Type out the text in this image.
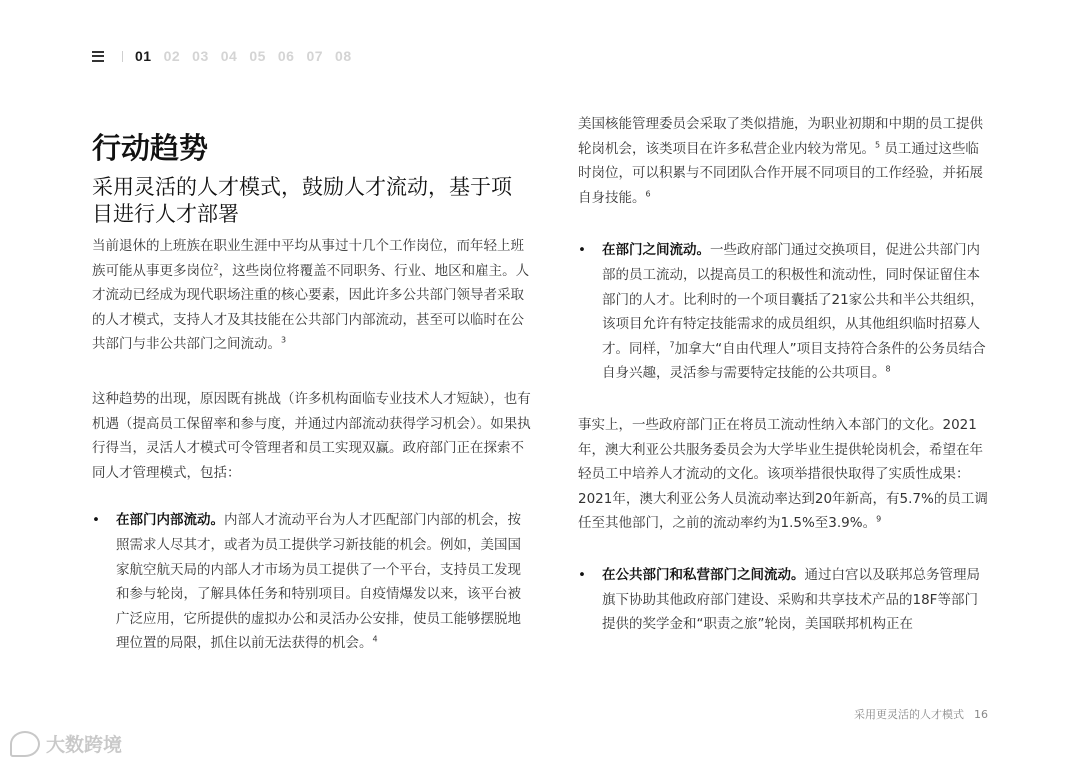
01 02 03 04 05 06 07 08
行动趋势
采用灵活的人才模式，鼓励人才流动，基于项目进行人才部署

当前退休的上班族在职业生涯中平均从事过十几个工作岗位，而年轻上班族可能从事更多岗位$^2$，这些岗位将覆盖不同职务、行业、地区和雇主。人才流动已经成为现代职场注重的核心要素，因此许多公共部门领导者采取的人才模式，支持人才及其技能在公共部门内部流动，甚至可以临时在公共部门与非公共部门之间流动。$^3$

这种趋势的出现，原因既有挑战（许多机构面临专业技术人才短缺），也有机遇（提高员工保留率和参与度，并通过内部流动获得学习机会）。如果执行得当，灵活人才模式可令管理者和员工实现双赢。政府部门正在探索不同人才管理模式，包括：

• 在部门内部流动。内部人才流动平台为人才匹配部门内部的机会，按照需求人尽其才，或者为员工提供学习新技能的机会。例如，美国国家航空航天局的内部人才市场为员工提供了一个平台，支持员工发现和参与轮岗，了解具体任务和特别项目。自疫情爆发以来，该平台被广泛应用，它所提供的虚拟办公和灵活办公安排，使员工能够摆脱地理位置的局限，抓住以前无法获得的机会。$^4$

美国核能管理委员会采取了类似措施，为职业初期和中期的员工提供轮岗机会，该类项目在许多私营企业内较为常见。$^5$ 员工通过这些临时岗位，可以积累与不同团队合作开展不同项目的工作经验，并拓展自身技能。$^6$

• 在部门之间流动。一些政府部门通过交换项目，促进公共部门内部的员工流动，以提高员工的积极性和流动性，同时保证留住本部门的人才。比利时的一个项目囊括了21家公共和半公共组织，该项目允许有特定技能需求的成员组织，从其他组织临时招募人才。同样，$^7$加拿大“自由代理人”项目支持符合条件的公务员结合自身兴趣，灵活参与需要特定技能的公共项目。$^8$

事实上，一些政府部门正在将员工流动性纳入本部门的文化。2021年，澳大利亚公共服务委员会为大学毕业生提供轮岗机会，希望在年轻员工中培养人才流动的文化。该项举措很快取得了实质性成果：2021年，澳大利亚公务人员流动率达到20年新高，有5.7%的员工调任至其他部门，之前的流动率约为1.5%至3.9%。$^9$

• 在公共部门和私营部门之间流动。通过白宫以及联邦总务管理局旗下协助其他政府部门建设、采购和共享技术产品的18F等部门提供的奖学金和“职责之旅”轮岗，美国联邦机构正在

采用更灵活的人才模式 16
大数跨境
